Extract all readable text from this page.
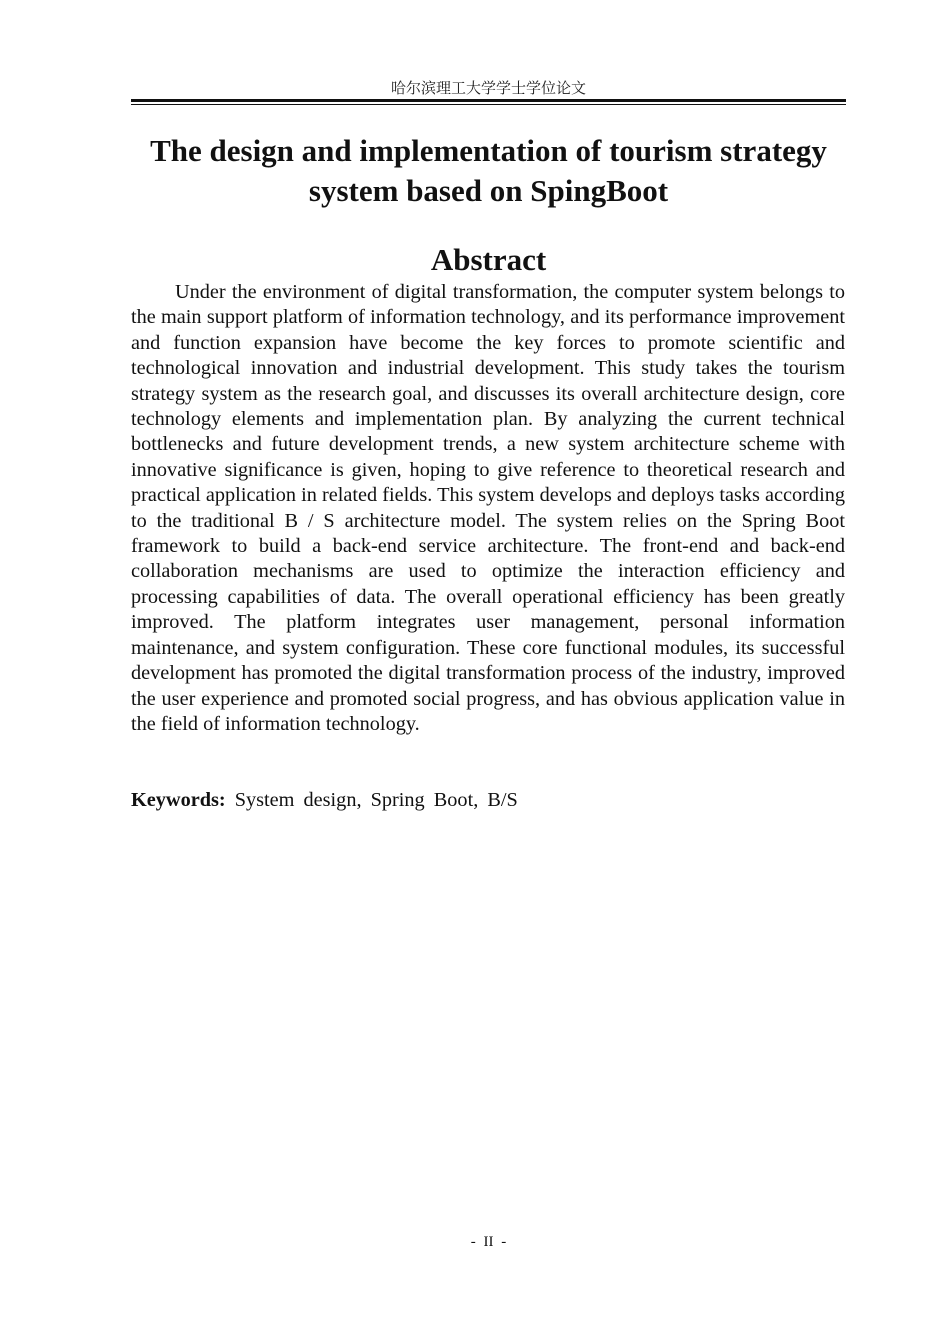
哈尔滨理工大学学士学位论文
The design and implementation of tourism strategy system based on SpingBoot
Abstract

Under the environment of digital transformation, the computer system belongs to the main support platform of information technology, and its performance improvement and function expansion have become the key forces to promote scientific and technological innovation and industrial development. This study takes the tourism strategy system as the research goal, and discusses its overall architecture design, core technology elements and implementation plan. By analyzing the current technical bottlenecks and future development trends, a new system architecture scheme with innovative significance is given, hoping to give reference to theoretical research and practical application in related fields. This system develops and deploys tasks according to the traditional B / S architecture model. The system relies on the Spring Boot framework to build a back-end service architecture. The front-end and back-end collaboration mechanisms are used to optimize the interaction efficiency and processing capabilities of data. The overall operational efficiency has been greatly improved. The platform integrates user management, personal information maintenance, and system configuration. These core functional modules, its successful development has promoted the digital transformation process of the industry, improved the user experience and promoted social progress, and has obvious application value in the field of information technology.

Keywords: System design, Spring Boot, B/S
- II -
